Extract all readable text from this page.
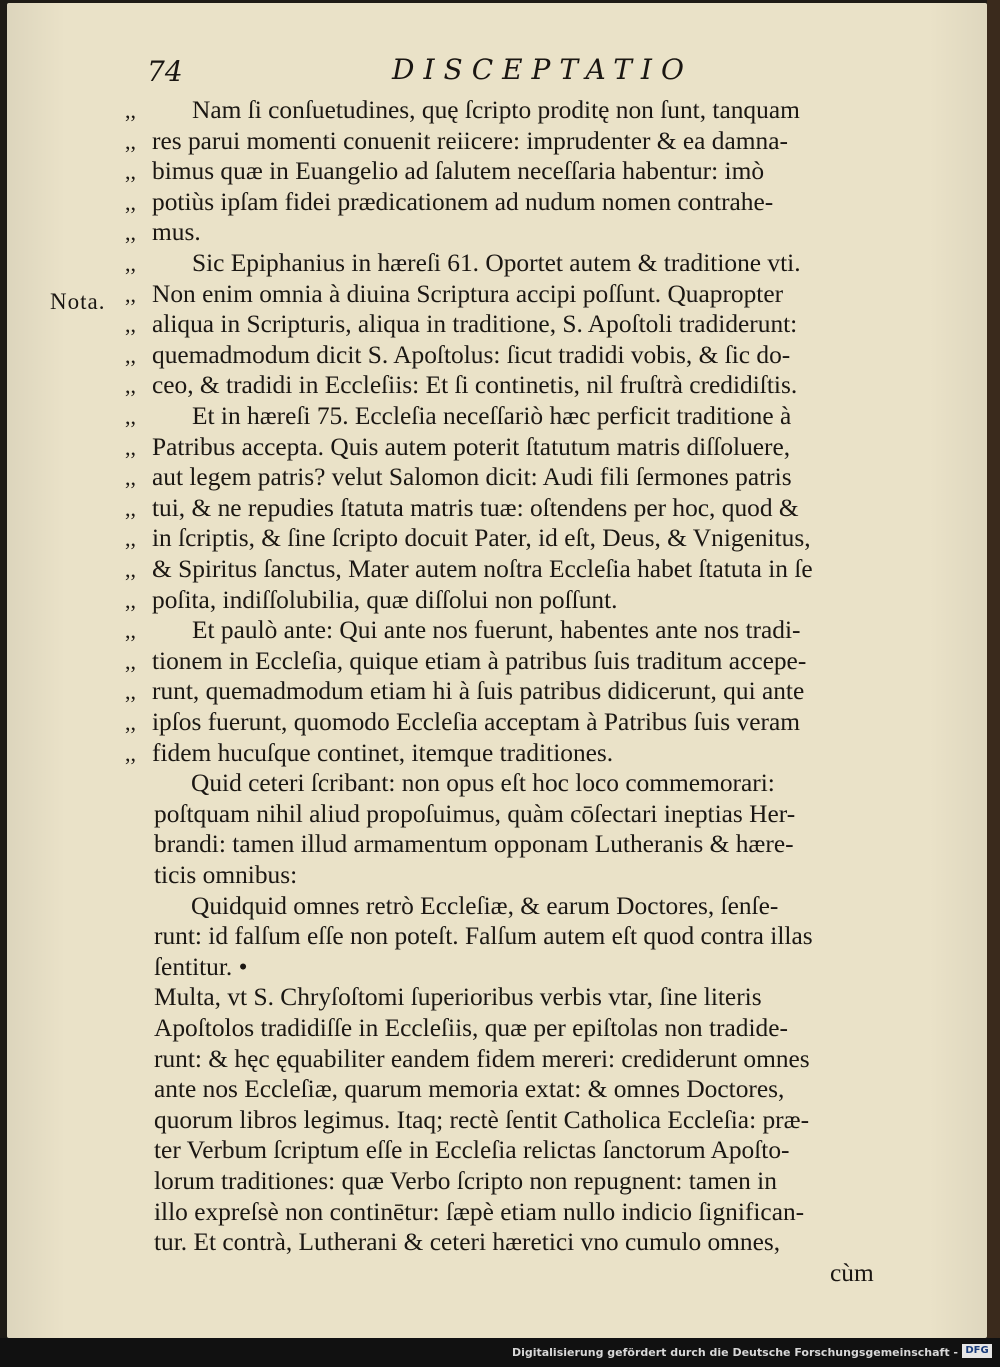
74	DISCEPTATIO
Nota.
,,	Nam ſi conſuetudines, quę ſcripto proditę non ſunt, tanquam
,, res parui momenti conuenit reiicere: imprudenter & ea damna-
,, bimus quæ in Euangelio ad ſalutem neceſſaria habentur: imò
,, potiùs ipſam fidei prædicationem ad nudum nomen contrahe-
,, mus.
,,	Sic Epiphanius in hæreſi 61. Oportet autem & traditione vti.
,, Non enim omnia à diuina Scriptura accipi poſſunt. Quapropter
,, aliqua in Scripturis, aliqua in traditione, S. Apoſtoli tradiderunt:
,, quemadmodum dicit S. Apoſtolus: ſicut tradidi vobis, & ſic do-
,, ceo, & tradidi in Eccleſiis: Et ſi continetis, nil fruſtrà credidiſtis.
,,	Et in hæreſi 75. Eccleſia neceſſariò hæc perficit traditione à
,, Patribus accepta. Quis autem poterit ſtatutum matris diſſoluere,
,, aut legem patris? velut Salomon dicit: Audi fili ſermones patris
,, tui, & ne repudies ſtatuta matris tuæ: oſtendens per hoc, quod &
,, in ſcriptis, & ſine ſcripto docuit Pater, id eſt, Deus, & Vnigenitus,
,, & Spiritus ſanctus, Mater autem noſtra Eccleſia habet ſtatuta in ſe
,, poſita, indiſſolubilia, quæ diſſolui non poſſunt.
,,	Et paulò ante: Qui ante nos fuerunt, habentes ante nos tradi-
,, tionem in Eccleſia, quique etiam à patribus ſuis traditum accepe-
,, runt, quemadmodum etiam hi à ſuis patribus didicerunt, qui ante
,, ipſos fuerunt, quomodo Eccleſia acceptam à Patribus ſuis veram
,, fidem hucuſque continet, itemque traditiones.
Quid ceteri ſcribant: non opus eſt hoc loco commemorari:
poſtquam nihil aliud propoſuimus, quàm cōſectari ineptias Her-
brandi: tamen illud armamentum opponam Lutheranis & hære-
ticis omnibus:
Quidquid omnes retrò Eccleſiæ, & earum Doctores, ſenſe-
runt: id falſum eſſe non poteſt. Falſum autem eſt quod contra illas
ſentitur. •
Multa, vt S. Chryſoſtomi ſuperioribus verbis vtar, ſine literis
Apoſtolos tradidiſſe in Eccleſiis, quæ per epiſtolas non tradide-
runt: & hęc ęquabiliter eandem fidem mereri: crediderunt omnes
ante nos Eccleſiæ, quarum memoria extat: & omnes Doctores,
quorum libros legimus. Itaq; rectè ſentit Catholica Eccleſia: præ-
ter Verbum ſcriptum eſſe in Eccleſia relictas ſanctorum Apoſto-
lorum traditiones: quæ Verbo ſcripto non repugnent: tamen in
illo expreſsè non continētur: ſæpè etiam nullo indicio ſignifican-
tur. Et contrà, Lutherani & ceteri hæretici vno cumulo omnes,
cùm
Digitalisierung gefördert durch die Deutsche Forschungsgemeinschaft - DFG
